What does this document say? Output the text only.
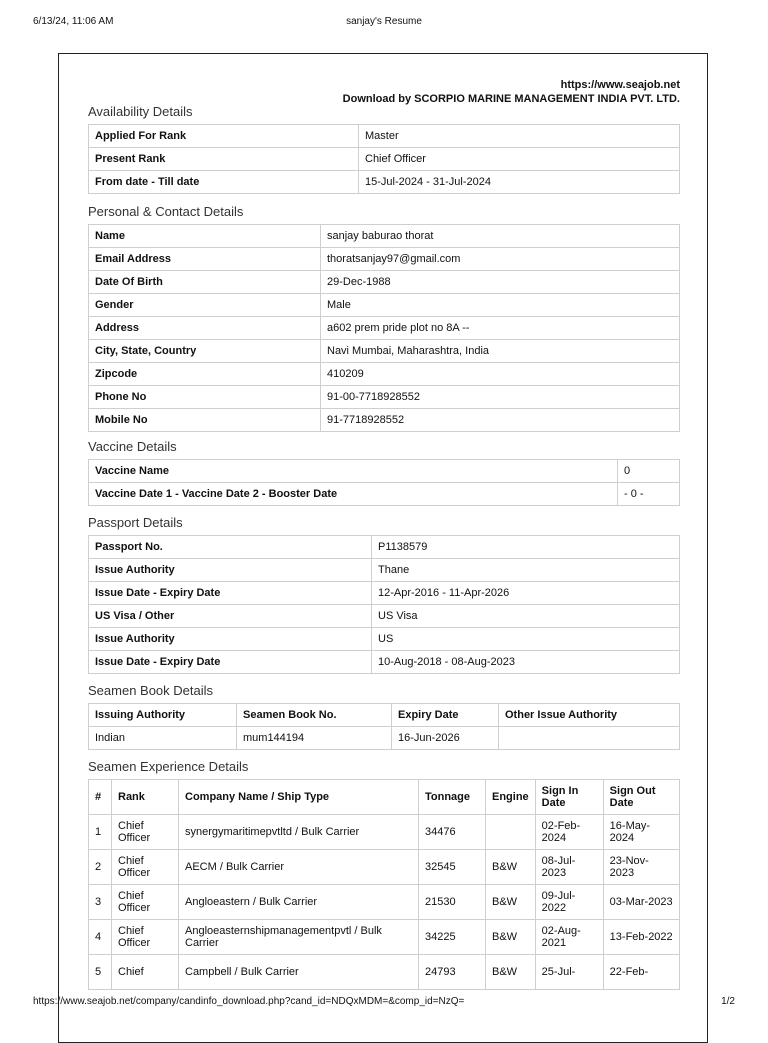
6/13/24, 11:06 AM	sanjay's Resume
https://www.seajob.net
Download by SCORPIO MARINE MANAGEMENT INDIA PVT. LTD.
Availability Details
Applied For Rank	Master
Present Rank	Chief Officer
From date - Till date	15-Jul-2024 - 31-Jul-2024
Personal & Contact Details
Name	sanjay baburao thorat
Email Address	thoratsanjay97@gmail.com
Date Of Birth	29-Dec-1988
Gender	Male
Address	a602 prem pride plot no 8A --
City, State, Country	Navi Mumbai, Maharashtra, India
Zipcode	410209
Phone No	91-00-7718928552
Mobile No	91-7718928552
Vaccine Details
Vaccine Name	0
Vaccine Date 1 - Vaccine Date 2 - Booster Date	- 0 -
Passport Details
Passport No.	P1138579
Issue Authority	Thane
Issue Date - Expiry Date	12-Apr-2016 - 11-Apr-2026
US Visa / Other	US Visa
Issue Authority	US
Issue Date - Expiry Date	10-Aug-2018 - 08-Aug-2023
Seamen Book Details
Issuing Authority	Seamen Book No.	Expiry Date	Other Issue Authority
Indian	mum144194	16-Jun-2026	
Seamen Experience Details
#	Rank	Company Name / Ship Type	Tonnage	Engine	Sign In Date	Sign Out Date
1	Chief Officer	synergymaritimepvtltd / Bulk Carrier	34476		02-Feb-2024	16-May-2024
2	Chief Officer	AECM / Bulk Carrier	32545	B&W	08-Jul-2023	23-Nov-2023
3	Chief Officer	Angloeastern / Bulk Carrier	21530	B&W	09-Jul-2022	03-Mar-2023
4	Chief Officer	Angloeasternshipmanagementpvtl / Bulk Carrier	34225	B&W	02-Aug-2021	13-Feb-2022
5	Chief	Campbell / Bulk Carrier	24793	B&W	25-Jul-	22-Feb-
https://www.seajob.net/company/candinfo_download.php?cand_id=NDQxMDM=&comp_id=NzQ=	1/2
